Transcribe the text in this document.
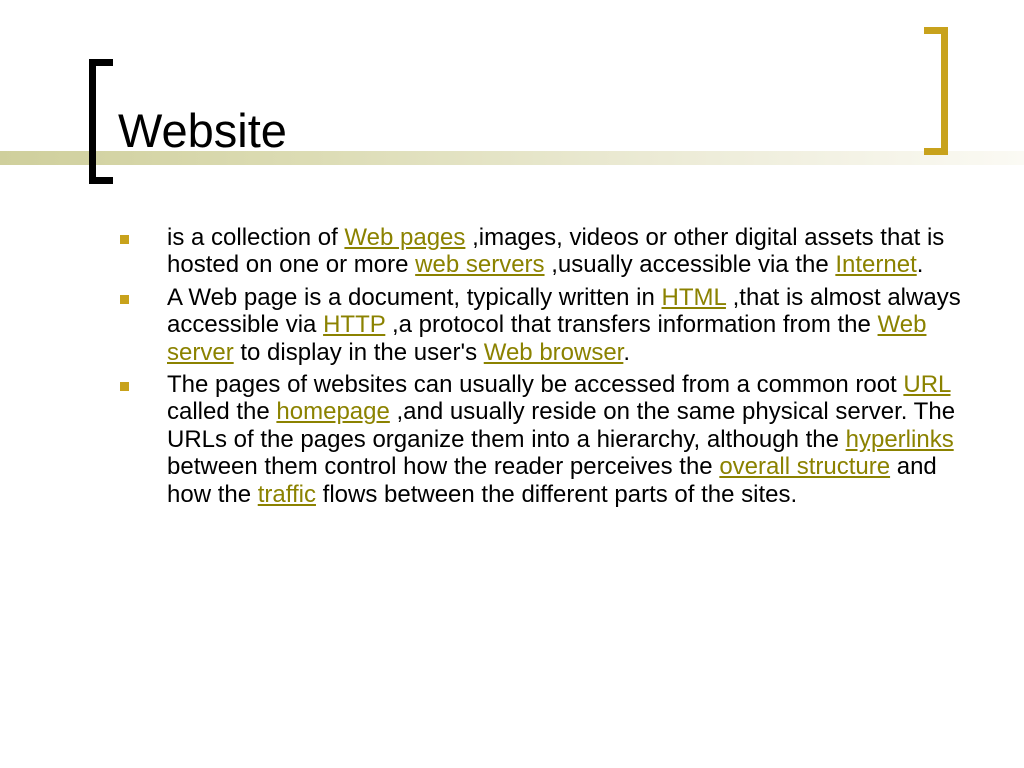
Website
is a collection of Web pages ,images, videos or other digital assets that is hosted on one or more web servers ,usually accessible via the Internet.
A Web page is a document, typically written in HTML ,that is almost always accessible via HTTP ,a protocol that transfers information from the Web server to display in the user's Web browser.
The pages of websites can usually be accessed from a common root URL called the homepage ,and usually reside on the same physical server. The URLs of the pages organize them into a hierarchy, although the hyperlinks between them control how the reader perceives the overall structure and how the traffic flows between the different parts of the sites.
